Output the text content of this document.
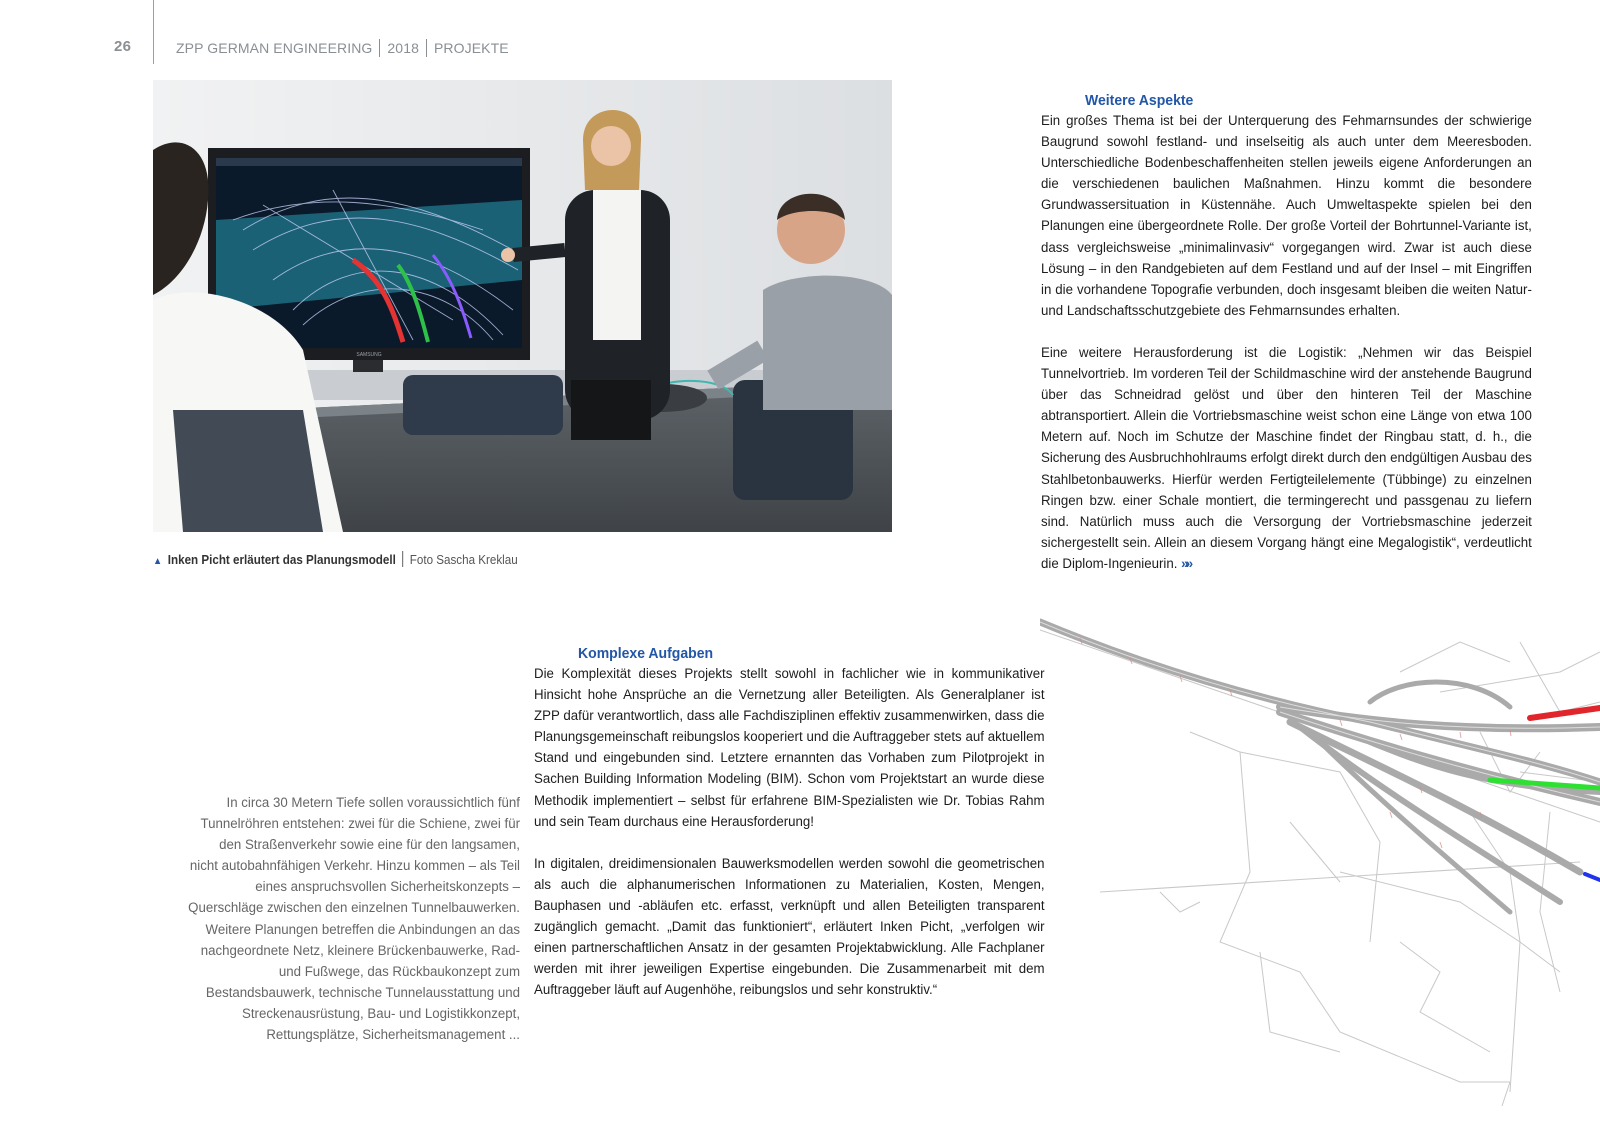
26	ZPP GERMAN ENGINEERING 2018 PROJEKTE
SAMSUNG
▲ Inken Picht erläutert das Planungsmodell Foto Sascha Kreklau
Weitere Aspekte

Ein großes Thema ist bei der Unterquerung des Fehmarnsundes der schwierige Baugrund sowohl festland- und inselseitig als auch unter dem Meeresboden. Unterschiedliche Bodenbeschaffenheiten stellen jeweils eigene Anforderungen an die verschiedenen baulichen Maßnahmen. Hinzu kommt die besondere Grundwassersituation in Küstennähe. Auch Umweltaspekte spielen bei den Planungen eine übergeordnete Rolle. Der große Vorteil der Bohrtunnel-Variante ist, dass vergleichsweise „minimalinvasiv“ vorgegangen wird. Zwar ist auch diese Lösung – in den Randgebieten auf dem Festland und auf der Insel – mit Eingriffen in die vorhandene Topografie verbunden, doch insgesamt bleiben die weiten Natur- und Landschaftsschutzgebiete des Fehmarnsundes erhalten.

Eine weitere Herausforderung ist die Logistik: „Nehmen wir das Beispiel Tunnelvortrieb. Im vorderen Teil der Schildmaschine wird der anstehende Baugrund über das Schneidrad gelöst und über den hinteren Teil der Maschine abtransportiert. Allein die Vortriebsmaschine weist schon eine Länge von etwa 100 Metern auf. Noch im Schutze der Maschine findet der Ringbau statt, d. h., die Sicherung des Ausbruchhohlraums erfolgt direkt durch den endgültigen Ausbau des Stahlbetonbauwerks. Hierfür werden Fertigteilelemente (Tübbinge) zu einzelnen Ringen bzw. einer Schale montiert, die termingerecht und passgenau zu liefern sind. Natürlich muss auch die Versorgung der Vortriebsmaschine jederzeit sichergestellt sein. Allein an diesem Vorgang hängt eine Megalogistik“, verdeutlicht die Diplom-Ingenieurin. »»

Komplexe Aufgaben

Die Komplexität dieses Projekts stellt sowohl in fachlicher wie in kommunikativer Hinsicht hohe Ansprüche an die Vernetzung aller Beteiligten. Als Generalplaner ist ZPP dafür verantwortlich, dass alle Fachdisziplinen effektiv zusammenwirken, dass die Planungsgemeinschaft reibungslos kooperiert und die Auftraggeber stets auf aktuellem Stand und eingebunden sind. Letztere ernannten das Vorhaben zum Pilotprojekt in Sachen Building Information Modeling (BIM). Schon vom Projektstart an wurde diese Methodik implementiert – selbst für erfahrene BIM-Spezialisten wie Dr. Tobias Rahm und sein Team durchaus eine Herausforderung!

In digitalen, dreidimensionalen Bauwerksmodellen werden sowohl die geometrischen als auch die alphanumerischen Informationen zu Materialien, Kosten, Mengen, Bauphasen und -abläufen etc. erfasst, verknüpft und allen Beteiligten transparent zugänglich gemacht. „Damit das funktioniert“, erläutert Inken Picht, „verfolgen wir einen partnerschaftlichen Ansatz in der gesamten Projektabwicklung. Alle Fachplaner werden mit ihrer jeweiligen Expertise eingebunden. Die Zusammenarbeit mit dem Auftraggeber läuft auf Augenhöhe, reibungslos und sehr konstruktiv.“

In circa 30 Metern Tiefe sollen voraussichtlich fünf Tunnelröhren entstehen: zwei für die Schiene, zwei für den Straßenverkehr sowie eine für den langsamen, nicht autobahnfähigen Verkehr. Hinzu kommen – als Teil eines anspruchsvollen Sicherheitskonzepts – Querschläge zwischen den einzelnen Tunnelbauwerken. Weitere Planungen betreffen die Anbindungen an das nachgeordnete Netz, kleinere Brückenbauwerke, Rad- und Fußwege, das Rückbaukonzept zum Bestandsbauwerk, technische Tunnelausstattung und Streckenausrüstung, Bau- und Logistikkonzept, Rettungsplätze, Sicherheitsmanagement ...
